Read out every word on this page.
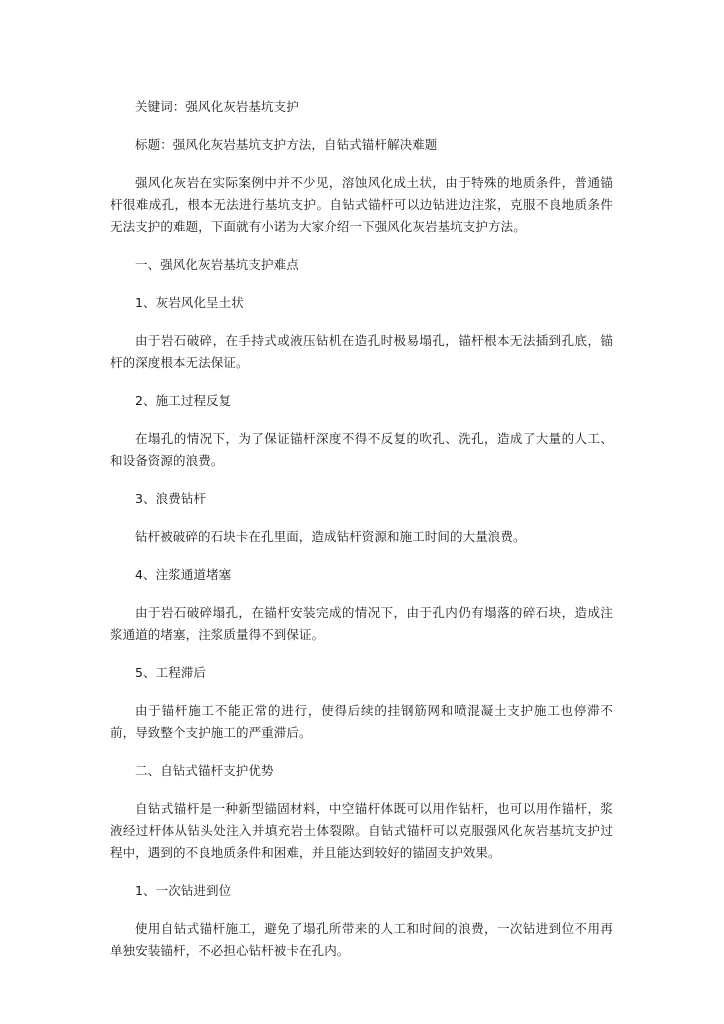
关键词：强风化灰岩基坑支护

标题：强风化灰岩基坑支护方法，自钻式锚杆解决难题

强风化灰岩在实际案例中并不少见，溶蚀风化成土状，由于特殊的地质条件，普通锚杆很难成孔，根本无法进行基坑支护。自钻式锚杆可以边钻进边注浆，克服不良地质条件无法支护的难题，下面就有小诺为大家介绍一下强风化灰岩基坑支护方法。

一、强风化灰岩基坑支护难点

1、灰岩风化呈土状

由于岩石破碎，在手持式或液压钻机在造孔时极易塌孔，锚杆根本无法插到孔底，锚杆的深度根本无法保证。

2、施工过程反复

在塌孔的情况下，为了保证锚杆深度不得不反复的吹孔、洗孔，造成了大量的人工、和设备资源的浪费。

3、浪费钻杆

钻杆被破碎的石块卡在孔里面，造成钻杆资源和施工时间的大量浪费。

4、注浆通道堵塞

由于岩石破碎塌孔，在锚杆安装完成的情况下，由于孔内仍有塌落的碎石块，造成注浆通道的堵塞，注浆质量得不到保证。

5、工程滞后

由于锚杆施工不能正常的进行，使得后续的挂钢筋网和喷混凝土支护施工也停滞不前，导致整个支护施工的严重滞后。

二、自钻式锚杆支护优势

自钻式锚杆是一种新型锚固材料，中空锚杆体既可以用作钻杆，也可以用作锚杆，浆液经过杆体从钻头处注入并填充岩土体裂隙。自钻式锚杆可以克服强风化灰岩基坑支护过程中，遇到的不良地质条件和困难，并且能达到较好的锚固支护效果。

1、一次钻进到位

使用自钻式锚杆施工，避免了塌孔所带来的人工和时间的浪费，一次钻进到位不用再单独安装锚杆，不必担心钻杆被卡在孔内。
